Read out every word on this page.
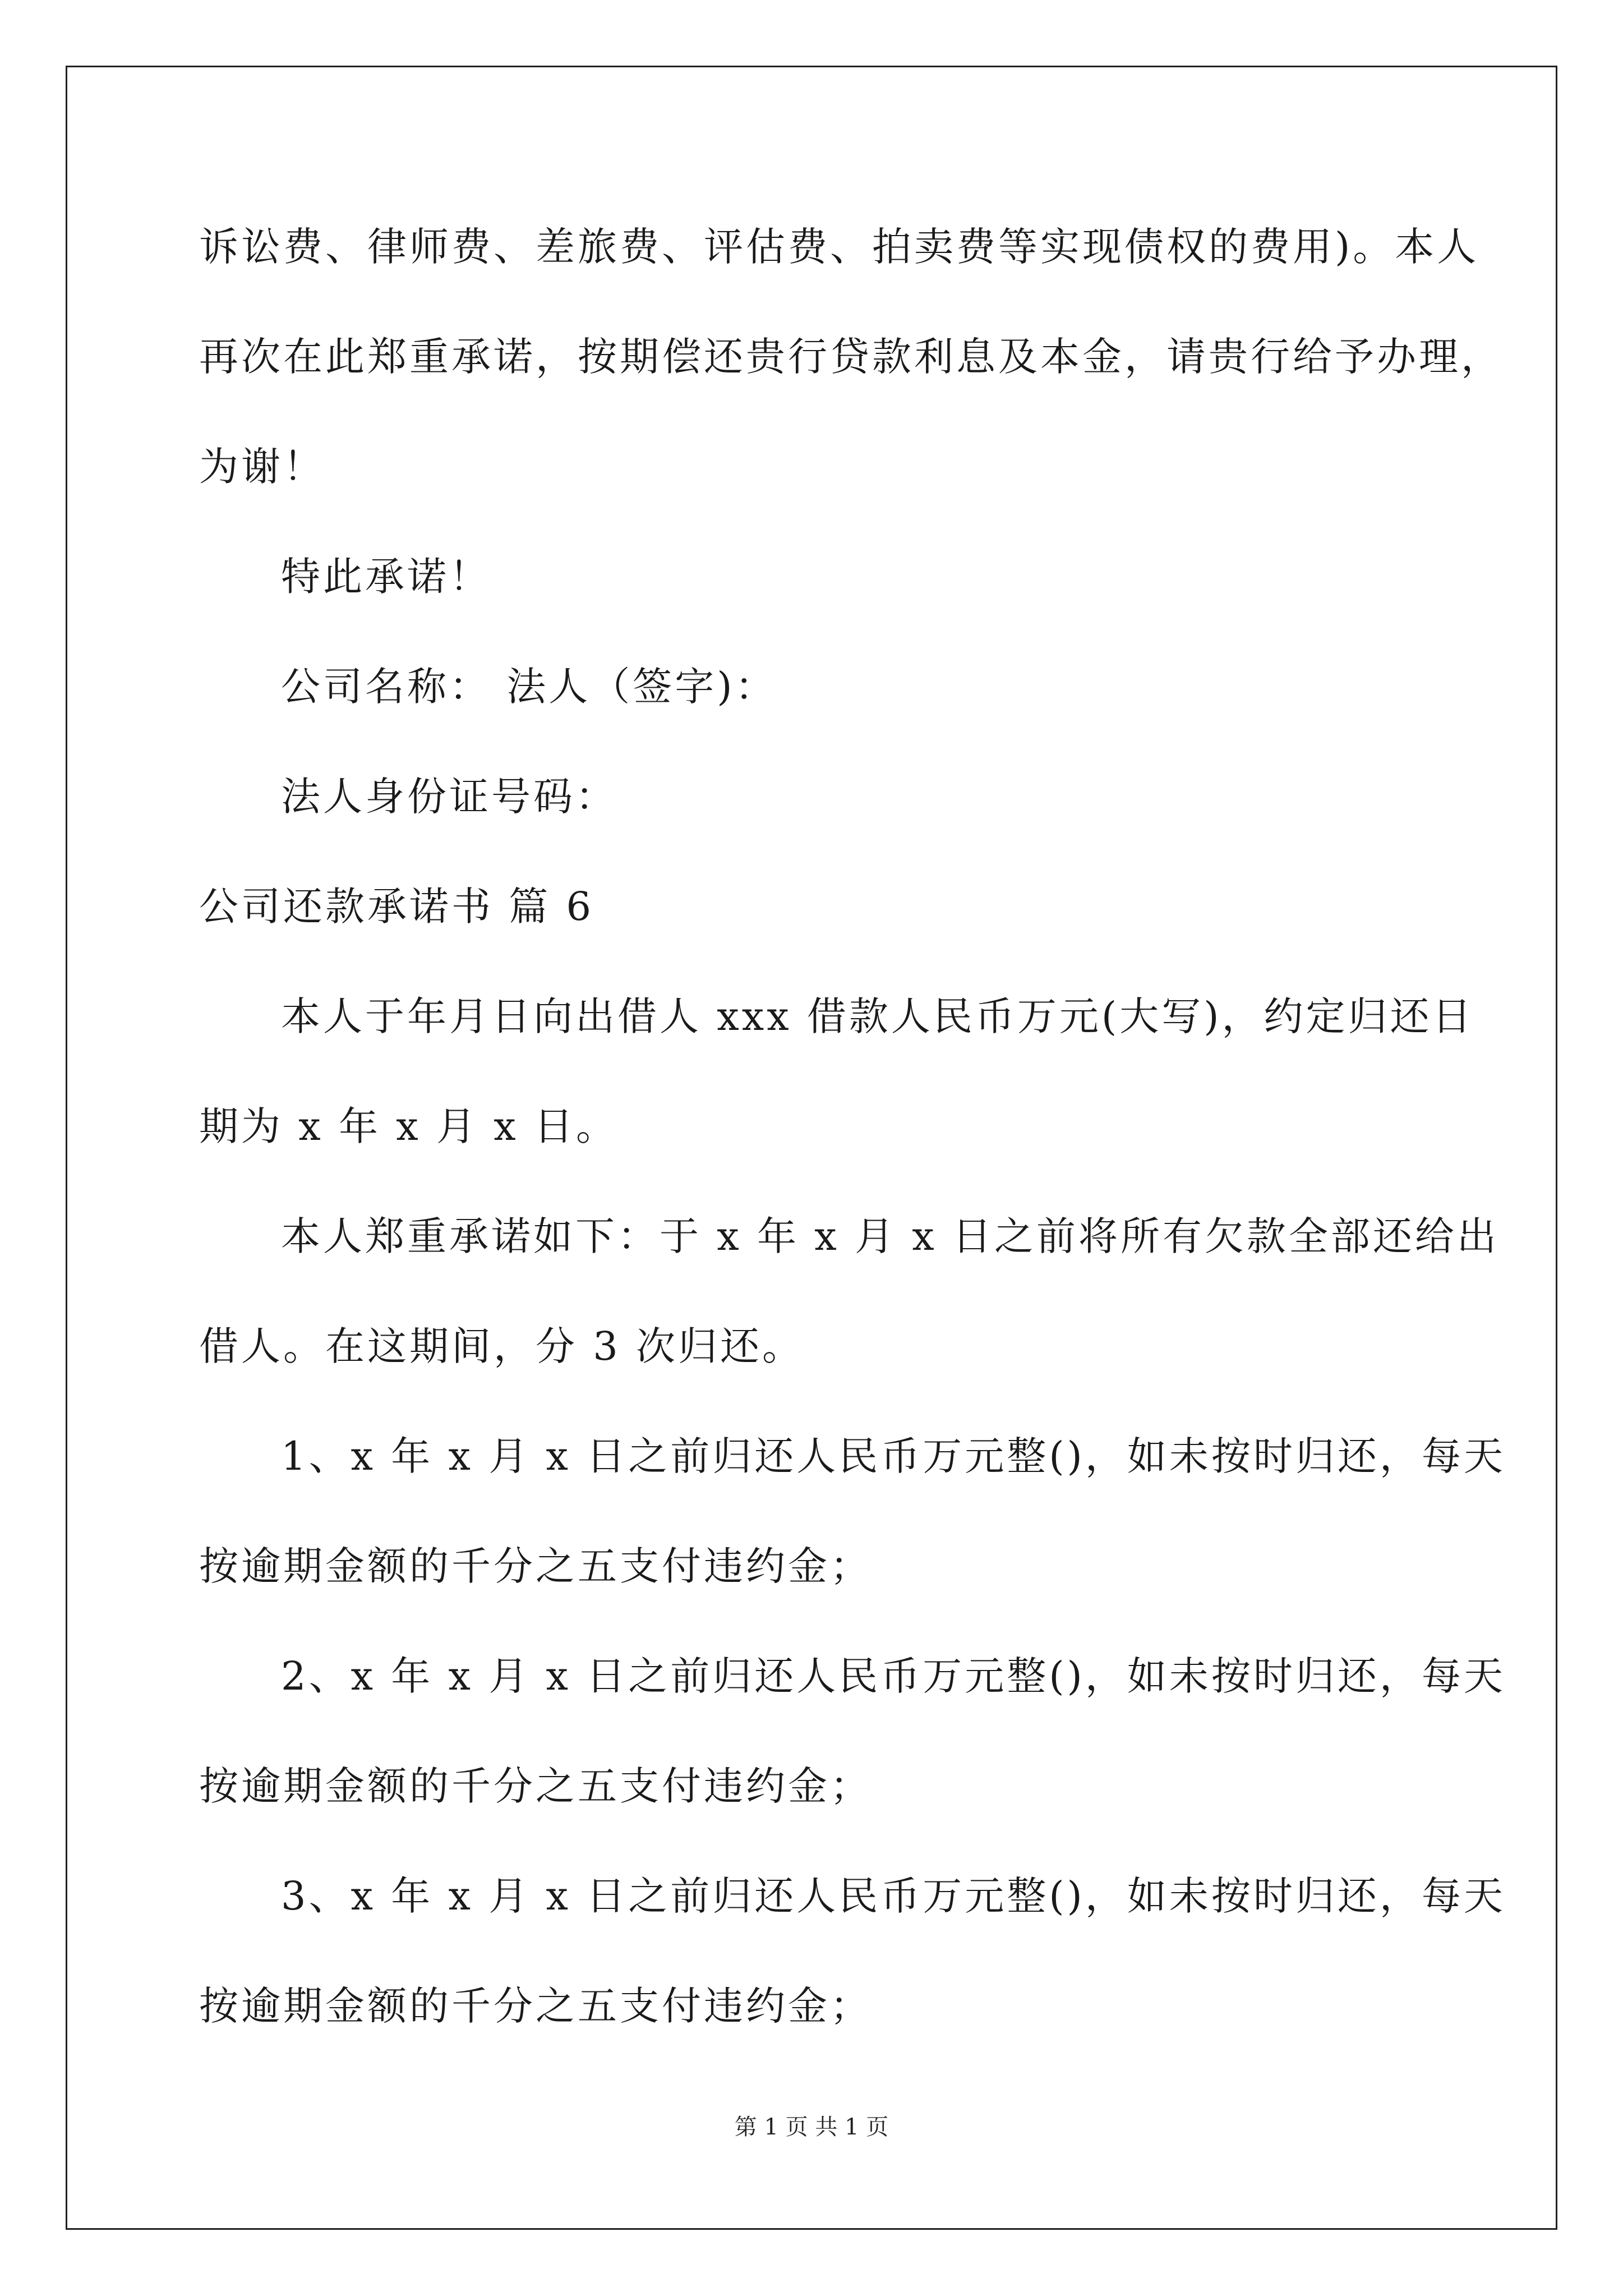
诉讼费、律师费、差旅费、评估费、拍卖费等实现债权的费用)。本人
再次在此郑重承诺，按期偿还贵行贷款利息及本金，请贵行给予办理，
为谢！
特此承诺！
公司名称： 法人（签字)：
法人身份证号码：
公司还款承诺书 篇 6
本人于年月日向出借人 xxx 借款人民币万元(大写)，约定归还日
期为 x 年 x 月 x 日。
本人郑重承诺如下：于 x 年 x 月 x 日之前将所有欠款全部还给出
借人。在这期间，分 3 次归还。
1、x 年 x 月 x 日之前归还人民币万元整()，如未按时归还，每天
按逾期金额的千分之五支付违约金；
2、x 年 x 月 x 日之前归还人民币万元整()，如未按时归还，每天
按逾期金额的千分之五支付违约金；
3、x 年 x 月 x 日之前归还人民币万元整()，如未按时归还，每天
按逾期金额的千分之五支付违约金；
第 1 页 共 1 页
